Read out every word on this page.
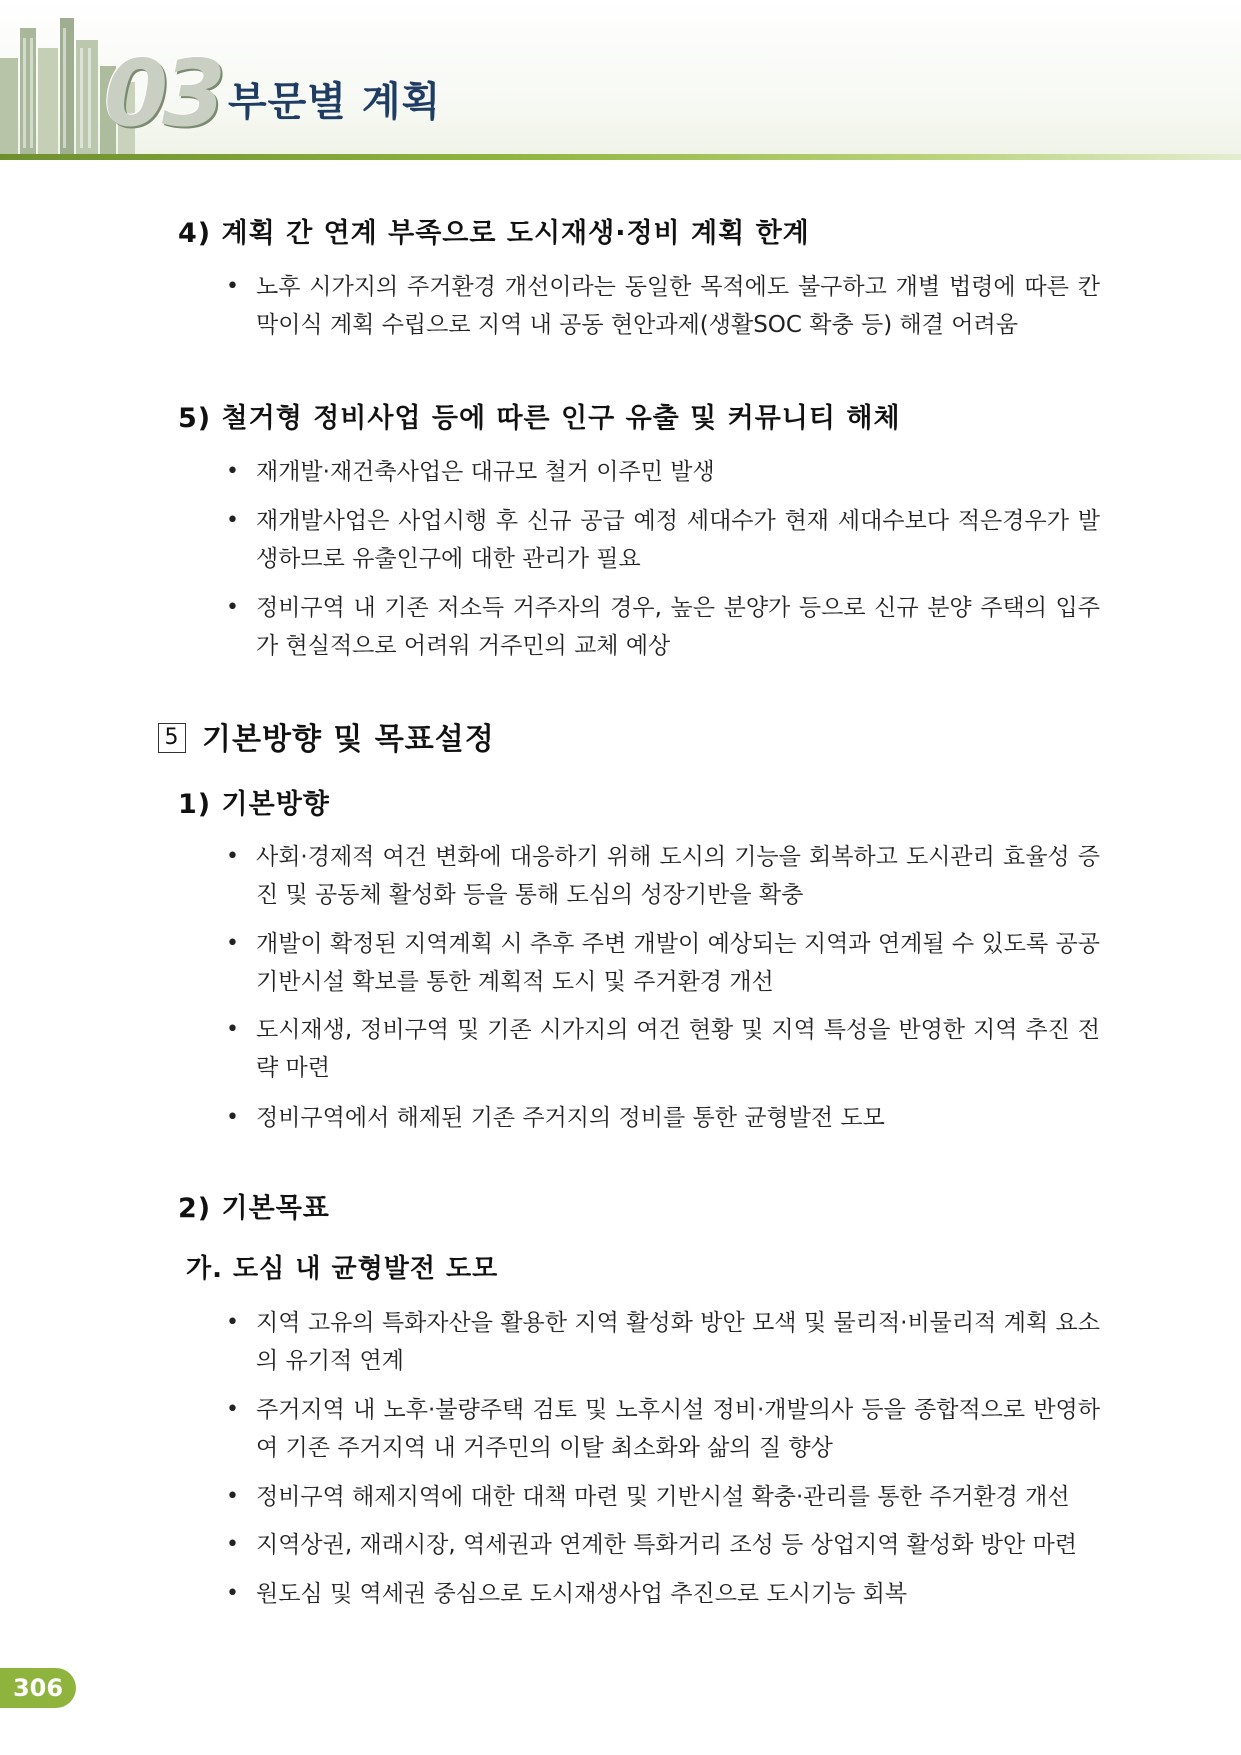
03 부문별 계획
4) 계획 간 연계 부족으로 도시재생·정비 계획 한계
• 노후 시가지의 주거환경 개선이라는 동일한 목적에도 불구하고 개별 법령에 따른 칸막이식 계획 수립으로 지역 내 공동 현안과제(생활SOC 확충 등) 해결 어려움
5) 철거형 정비사업 등에 따른 인구 유출 및 커뮤니티 해체
• 재개발·재건축사업은 대규모 철거 이주민 발생
• 재개발사업은 사업시행 후 신규 공급 예정 세대수가 현재 세대수보다 적은경우가 발생하므로 유출인구에 대한 관리가 필요
• 정비구역 내 기존 저소득 거주자의 경우, 높은 분양가 등으로 신규 분양 주택의 입주가 현실적으로 어려워 거주민의 교체 예상
5 기본방향 및 목표설정
1) 기본방향
• 사회·경제적 여건 변화에 대응하기 위해 도시의 기능을 회복하고 도시관리 효율성 증진 및 공동체 활성화 등을 통해 도심의 성장기반을 확충
• 개발이 확정된 지역계획 시 추후 주변 개발이 예상되는 지역과 연계될 수 있도록 공공 기반시설 확보를 통한 계획적 도시 및 주거환경 개선
• 도시재생, 정비구역 및 기존 시가지의 여건 현황 및 지역 특성을 반영한 지역 추진 전략 마련
• 정비구역에서 해제된 기존 주거지의 정비를 통한 균형발전 도모
2) 기본목표
가. 도심 내 균형발전 도모
• 지역 고유의 특화자산을 활용한 지역 활성화 방안 모색 및 물리적·비물리적 계획 요소의 유기적 연계
• 주거지역 내 노후·불량주택 검토 및 노후시설 정비·개발의사 등을 종합적으로 반영하여 기존 주거지역 내 거주민의 이탈 최소화와 삶의 질 향상
• 정비구역 해제지역에 대한 대책 마련 및 기반시설 확충·관리를 통한 주거환경 개선
• 지역상권, 재래시장, 역세권과 연계한 특화거리 조성 등 상업지역 활성화 방안 마련
• 원도심 및 역세권 중심으로 도시재생사업 추진으로 도시기능 회복
306
